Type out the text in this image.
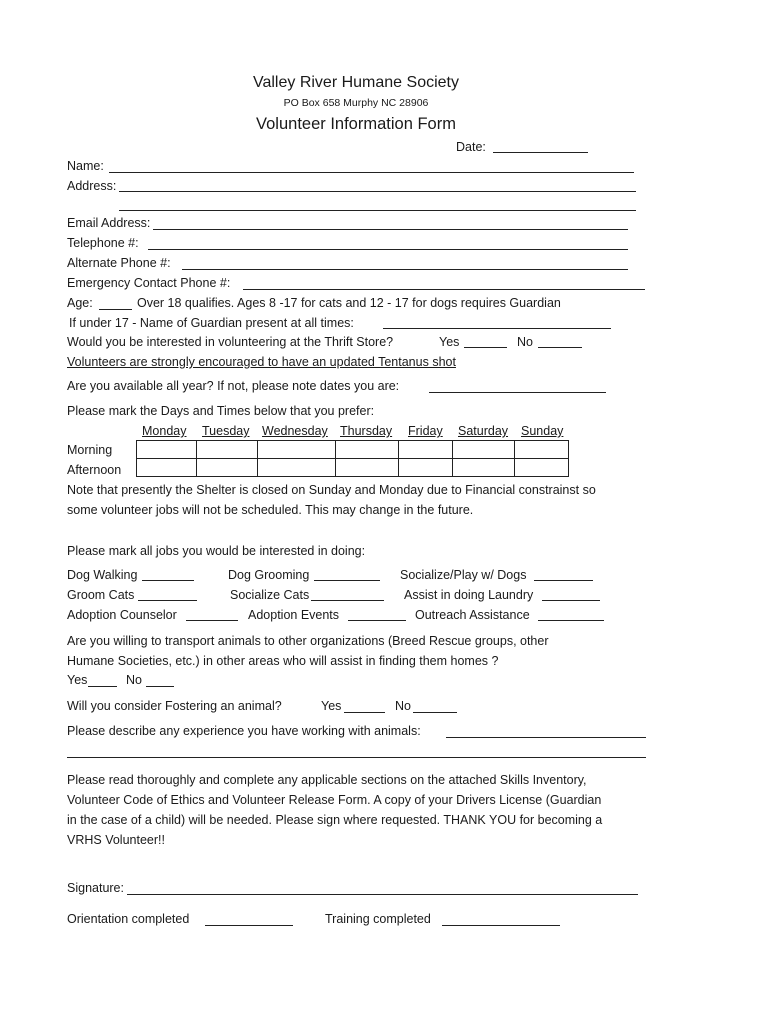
Valley River Humane Society
PO Box 658 Murphy NC 28906
Volunteer Information Form
Date:
Name:
Address:
Email Address:
Telephone #:
Alternate Phone #:
Emergency Contact Phone #:
Age:	Over 18 qualifies. Ages 8 -17 for cats and 12 - 17 for dogs requires Guardian
If under 17 - Name of Guardian present at all times:
Would you be interested in volunteering at the Thrift Store?	Yes	No
Volunteers are strongly encouraged to have an updated Tentanus shot
Are you available all year? If not, please note dates you are:
Please mark the Days and Times below that you prefer:
Monday Tuesday Wednesday Thursday Friday Saturday Sunday
Morning
Afternoon

Note that presently the Shelter is closed on Sunday and Monday due to Financial constrainst so
some volunteer jobs will not be scheduled. This may change in the future.
Please mark all jobs you would be interested in doing:
Dog Walking	Dog Grooming	Socialize/Play w/ Dogs
Groom Cats	Socialize Cats	Assist in doing Laundry
Adoption Counselor	Adoption Events	Outreach Assistance
Are you willing to transport animals to other organizations (Breed Rescue groups, other
Humane Societies, etc.) in other areas who will assist in finding them homes ?
Yes	No
Will you consider Fostering an animal?	Yes	No
Please describe any experience you have working with animals:
Please read thoroughly and complete any applicable sections on the attached Skills Inventory,
Volunteer Code of Ethics and Volunteer Release Form. A copy of your Drivers License (Guardian
in the case of a child) will be needed. Please sign where requested. THANK YOU for becoming a
VRHS Volunteer!!
Signature:
Orientation completed	Training completed
